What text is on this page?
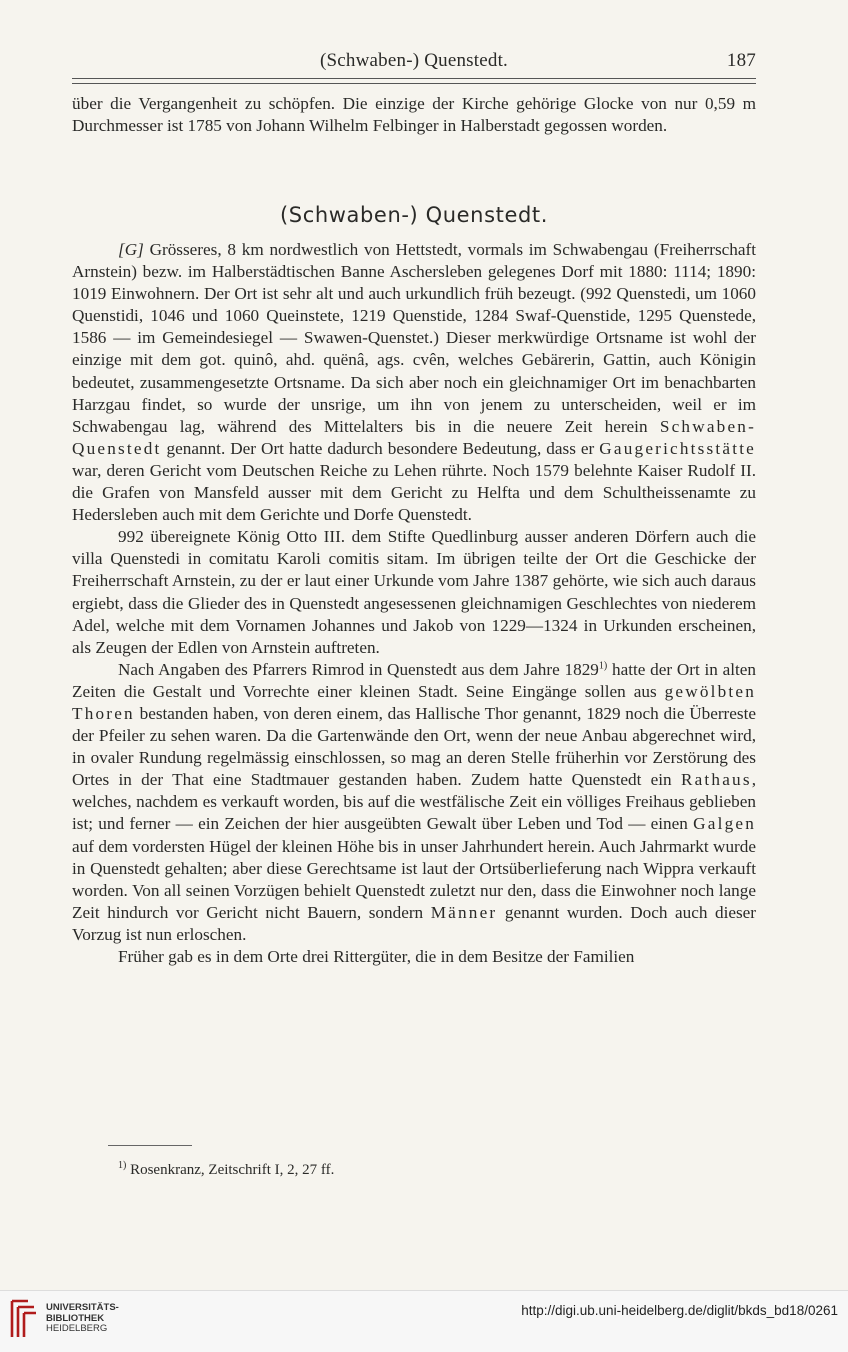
(Schwaben-) Quenstedt.	187

über die Vergangenheit zu schöpfen. Die einzige der Kirche gehörige Glocke von nur 0,59 m Durchmesser ist 1785 von Johann Wilhelm Felbinger in Halberstadt gegossen worden.

(Schwaben-) Quenstedt.

[G] Grösseres, 8 km nordwestlich von Hettstedt, vormals im Schwabengau (Freiherrschaft Arnstein) bezw. im Halberstädtischen Banne Aschersleben gelegenes Dorf mit 1880: 1114; 1890: 1019 Einwohnern. Der Ort ist sehr alt und auch urkundlich früh bezeugt. (992 Quenstedi, um 1060 Quenstidi, 1046 und 1060 Queinstete, 1219 Quenstide, 1284 Swaf-Quenstide, 1295 Quenstede, 1586 — im Gemeindesiegel — Swawen-Quenstet.) Dieser merkwürdige Ortsname ist wohl der einzige mit dem got. quinô, ahd. quënâ, ags. cvên, welches Gebärerin, Gattin, auch Königin bedeutet, zusammengesetzte Ortsname. Da sich aber noch ein gleichnamiger Ort im benachbarten Harzgau findet, so wurde der unsrige, um ihn von jenem zu unterscheiden, weil er im Schwabengau lag, während des Mittelalters bis in die neuere Zeit herein Schwaben-Quenstedt genannt. Der Ort hatte dadurch besondere Bedeutung, dass er Gaugerichtsstätte war, deren Gericht vom Deutschen Reiche zu Lehen rührte. Noch 1579 belehnte Kaiser Rudolf II. die Grafen von Mansfeld ausser mit dem Gericht zu Helfta und dem Schultheissenamte zu Hedersleben auch mit dem Gerichte und Dorfe Quenstedt.

992 übereignete König Otto III. dem Stifte Quedlinburg ausser anderen Dörfern auch die villa Quenstedi in comitatu Karoli comitis sitam. Im übrigen teilte der Ort die Geschicke der Freiherrschaft Arnstein, zu der er laut einer Urkunde vom Jahre 1387 gehörte, wie sich auch daraus ergiebt, dass die Glieder des in Quenstedt angesessenen gleichnamigen Geschlechtes von niederem Adel, welche mit dem Vornamen Johannes und Jakob von 1229—1324 in Urkunden erscheinen, als Zeugen der Edlen von Arnstein auftreten.

Nach Angaben des Pfarrers Rimrod in Quenstedt aus dem Jahre 1829$^{1)}$ hatte der Ort in alten Zeiten die Gestalt und Vorrechte einer kleinen Stadt. Seine Eingänge sollen aus gewölbten Thoren bestanden haben, von deren einem, das Hallische Thor genannt, 1829 noch die Überreste der Pfeiler zu sehen waren. Da die Gartenwände den Ort, wenn der neue Anbau abgerechnet wird, in ovaler Rundung regelmässig einschlossen, so mag an deren Stelle früherhin vor Zerstörung des Ortes in der That eine Stadtmauer gestanden haben. Zudem hatte Quenstedt ein Rathaus, welches, nachdem es verkauft worden, bis auf die westfälische Zeit ein völliges Freihaus geblieben ist; und ferner — ein Zeichen der hier ausgeübten Gewalt über Leben und Tod — einen Galgen auf dem vordersten Hügel der kleinen Höhe bis in unser Jahrhundert herein. Auch Jahrmarkt wurde in Quenstedt gehalten; aber diese Gerechtsame ist laut der Ortsüberlieferung nach Wippra verkauft worden. Von all seinen Vorzügen behielt Quenstedt zuletzt nur den, dass die Einwohner noch lange Zeit hindurch vor Gericht nicht Bauern, sondern Männer genannt wurden. Doch auch dieser Vorzug ist nun erloschen.

Früher gab es in dem Orte drei Rittergüter, die in dem Besitze der Familien

$^{1)}$ Rosenkranz, Zeitschrift I, 2, 27 ff.
UNIVERSITÄTS-
BIBLIOTHEK
HEIDELBERG
http://digi.ub.uni-heidelberg.de/diglit/bkds_bd18/0261
